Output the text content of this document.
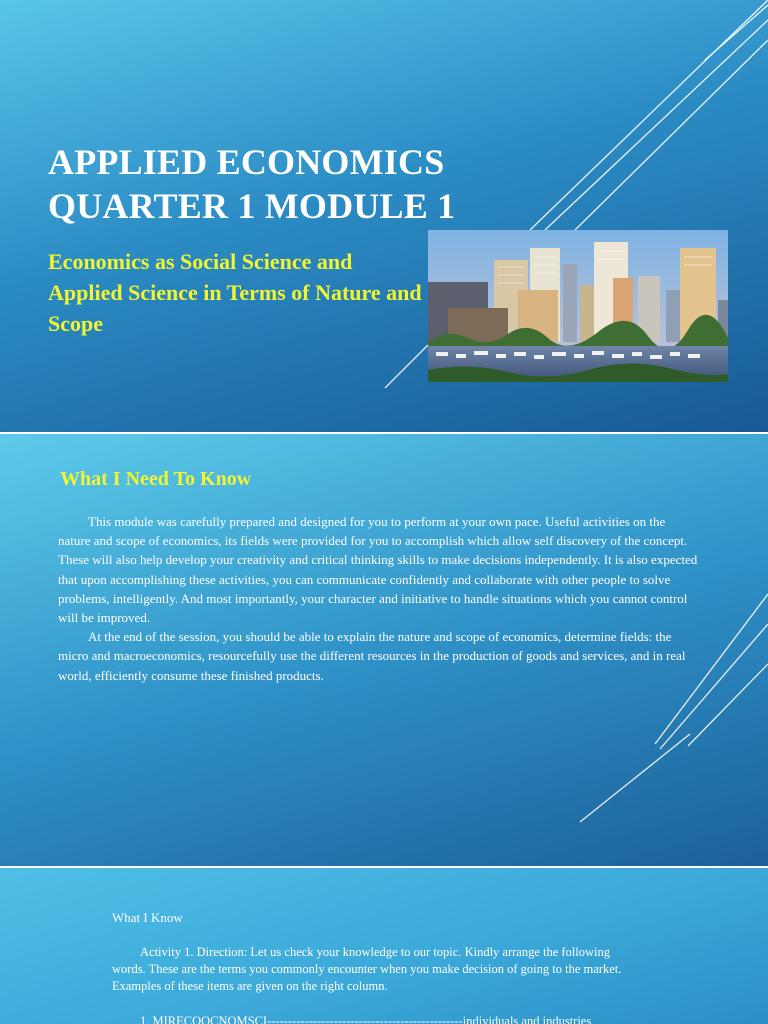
APPLIED ECONOMICS
QUARTER 1 MODULE 1
Economics as Social Science and Applied Science in Terms of Nature and Scope
What I Need To Know

This module was carefully prepared and designed for you to perform at your own pace. Useful activities on the nature and scope of economics, its fields were provided for you to accomplish which allow self discovery of the concept. These will also help develop your creativity and critical thinking skills to make decisions independently. It is also expected that upon accomplishing these activities, you can communicate confidently and collaborate with other people to solve problems, intelligently. And most importantly, your character and initiative to handle situations which you cannot control will be improved.

At the end of the session, you should be able to explain the nature and scope of economics, determine fields: the micro and macroeconomics, resourcefully use the different resources in the production of goods and services, and in real world, efficiently consume these finished products.

What I Know

Activity 1. Direction: Let us check your knowledge to our topic. Kindly arrange the following words. These are the terms you commonly encounter when you make decision of going to the market. Examples of these items are given on the right column.

1. MIRECOOCNOMSCI-----------------------------------------------individuals and industries
